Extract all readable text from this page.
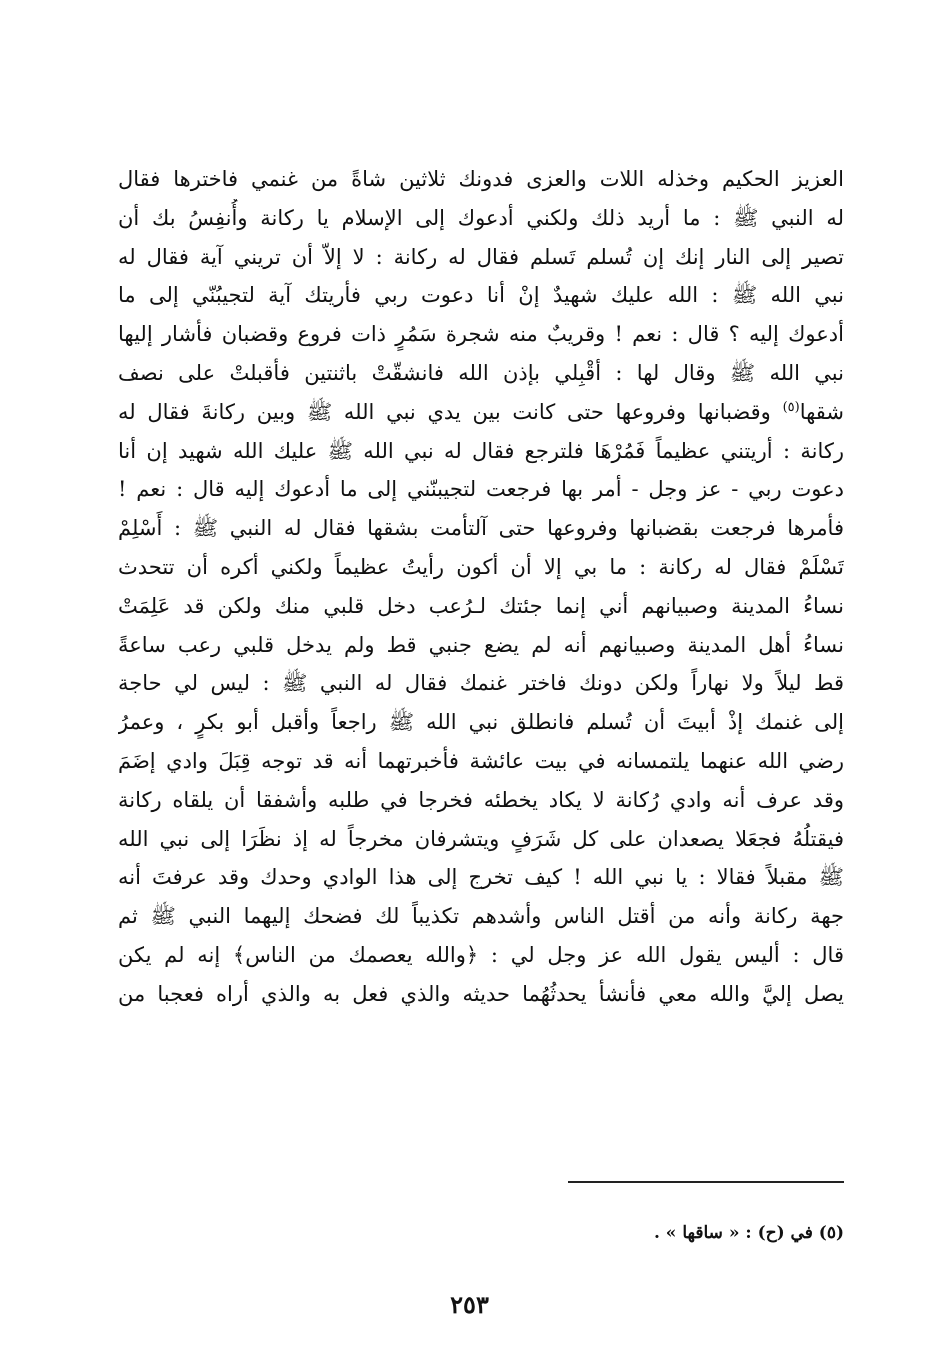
العزيز الحكيم وخذله اللات والعزى فدونك ثلاثين شاةً من غنمي فاخترها فقال
له النبي ﷺ : ما أريد ذلك ولكني أدعوك إلى الإسلام يا ركانة وأُنفِسُ بك أن
تصير إلى النار إنك إن تُسلم تَسلم فقال له ركانة : لا إلاّ أن تريني آية فقال له
نبي الله ﷺ : الله عليك شهيدٌ إنْ أنا دعوت ربي فأريتك آية لتجيبُنّي إلى ما
أدعوك إليه ؟ قال : نعم ! وقريبٌ منه شجرة سَمُرٍ ذات فروع وقضبان فأشار إليها
نبي الله ﷺ وقال لها : أقْبِلي بإذن الله فانشقّتْ باثنتين فأقبلتْ على نصف
شقها$^{(٥)}$ وقضبانها وفروعها حتى كانت بين يدي نبي الله ﷺ وبين ركانةَ فقال له
ركانة : أريتني عظيماً فَمُرْهَا فلترجع فقال له نبي الله ﷺ عليك الله شهيد إن أنا
دعوت ربي - عز وجل - أمر بها فرجعت لتجيبنّني إلى ما أدعوك إليه قال : نعم !
فأمرها فرجعت بقضبانها وفروعها حتى آلتأمت بشقها فقال له النبي ﷺ : أَسْلِمْ
تَسْلَمْ فقال له ركانة : ما بي إلا أن أكون رأيتُ عظيماً ولكني أكره أن تتحدث
نساءُ المدينة وصبيانهم أني إنما جئتك لـرُعب دخل قلبي منك ولكن قد عَلِمَتْ
نساءُ أهل المدينة وصبيانهم أنه لم يضع جنبي قط ولم يدخل قلبي رعب ساعةً
قط ليلاً ولا نهاراً ولكن دونك فاختر غنمك فقال له النبي ﷺ : ليس لي حاجة
إلى غنمك إذْ أبيتَ أن تُسلم فانطلق نبي الله ﷺ راجعاً وأقبل أبو بكرٍ ، وعمرُ
رضي الله عنهما يلتمسانه في بيت عائشة فأخبرتهما أنه قد توجه قِبَلَ وادي إضَمَ
وقد عرف أنه وادي رُكانة لا يكاد يخطئه فخرجا في طلبه وأشفقا أن يلقاه ركانة
فيقتلُهُ فجعَلا يصعدان على كل شَرَفٍ ويتشرفان مخرجاً له إذ نظَرَا إلى نبي الله
ﷺ مقبلاً فقالا : يا نبي الله ! كيف تخرج إلى هذا الوادي وحدك وقد عرفتَ أنه
جهة ركانة وأنه من أقتل الناس وأشدهم تكذيباً لك فضحك إليهما النبي ﷺ ثم
قال : أليس يقول الله عز وجل لي : ﴿والله يعصمك من الناس﴾ إنه لم يكن
يصل إليَّ والله معي فأنشأ يحدثُهُما حديثه والذي فعل به والذي أراه فعجبا من
(٥) في (ح) : « ساقها » .
٢٥٣
